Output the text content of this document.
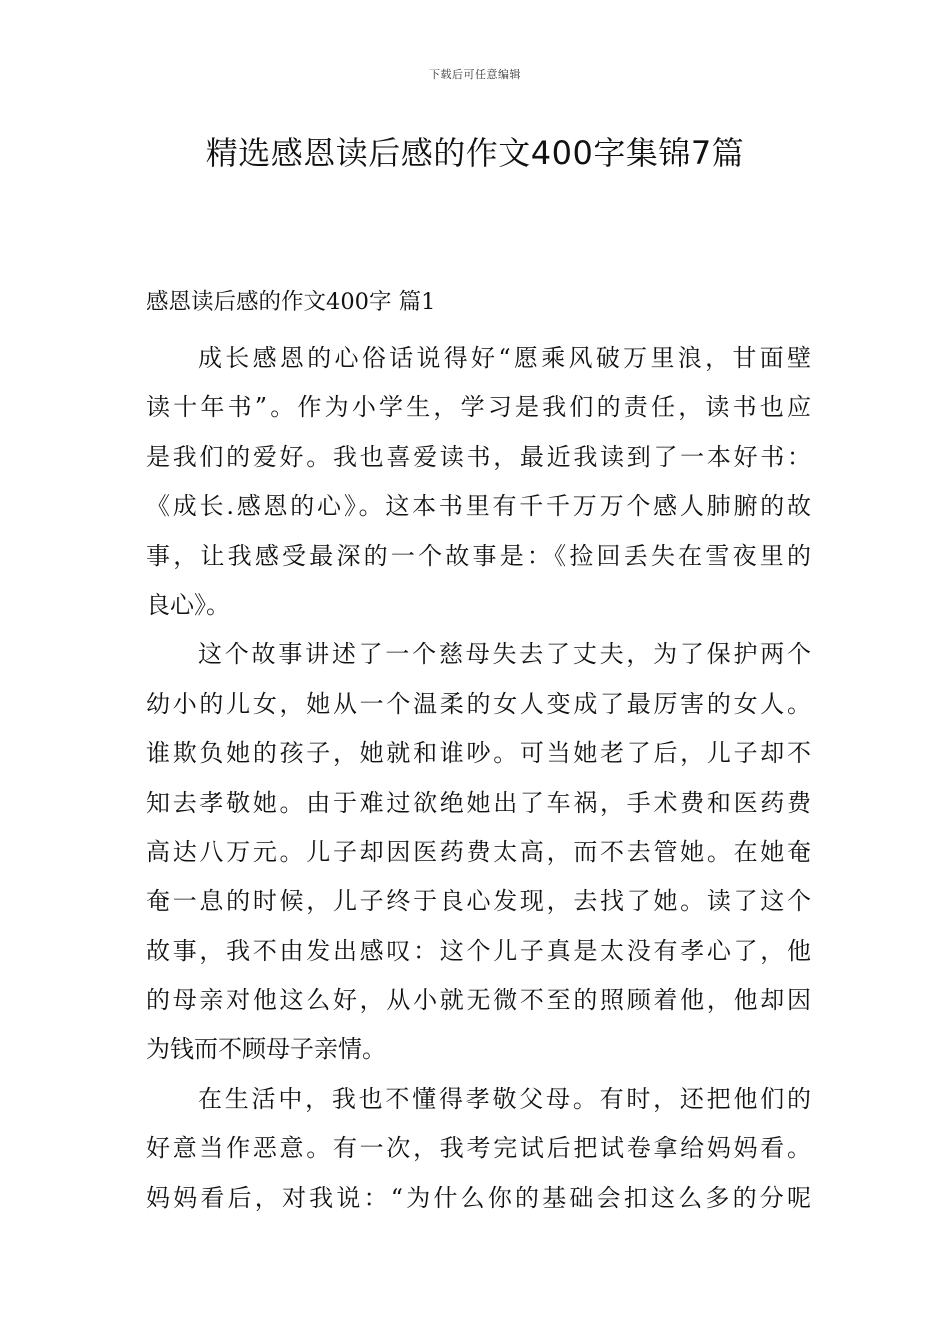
下载后可任意编辑
精选感恩读后感的作文400字集锦7篇
感恩读后感的作文400字 篇1
成长感恩的心俗话说得好“愿乘风破万里浪，甘面壁
读十年书”。作为小学生，学习是我们的责任，读书也应
是我们的爱好。我也喜爱读书，最近我读到了一本好书：
《成长.感恩的心》。这本书里有千千万万个感人肺腑的故
事，让我感受最深的一个故事是：《捡回丢失在雪夜里的
良心》。
这个故事讲述了一个慈母失去了丈夫，为了保护两个
幼小的儿女，她从一个温柔的女人变成了最厉害的女人。
谁欺负她的孩子，她就和谁吵。可当她老了后，儿子却不
知去孝敬她。由于难过欲绝她出了车祸，手术费和医药费
高达八万元。儿子却因医药费太高，而不去管她。在她奄
奄一息的时候，儿子终于良心发现，去找了她。读了这个
故事，我不由发出感叹：这个儿子真是太没有孝心了，他
的母亲对他这么好，从小就无微不至的照顾着他，他却因
为钱而不顾母子亲情。
在生活中，我也不懂得孝敬父母。有时，还把他们的
好意当作恶意。有一次，我考完试后把试卷拿给妈妈看。
妈妈看后，对我说：“为什么你的基础会扣这么多的分呢
